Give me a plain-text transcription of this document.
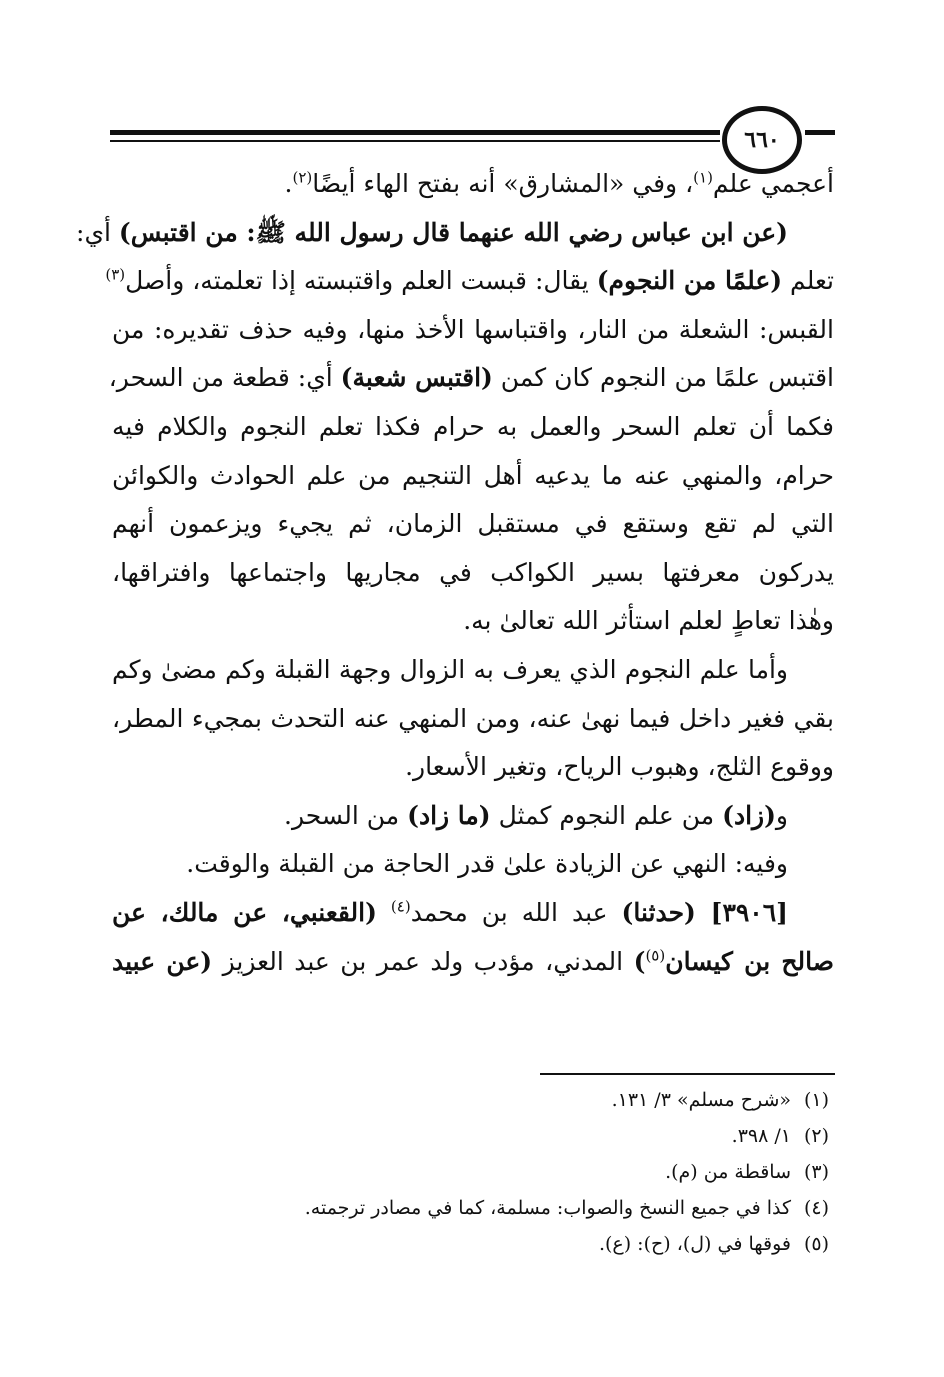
٦٦٠
أعجمي علم$^{(١)}$، وفي «المشارق» أنه بفتح الهاء أيضًا$^{(٢)}$.
(عن ابن عباس رضي الله عنهما قال رسول الله ﷺ: من اقتبس) أي:
تعلم (علمًا من النجوم) يقال: قبست العلم واقتبسته إذا تعلمته، وأصل$^{(٣)}$
القبس: الشعلة من النار، واقتباسها الأخذ منها، وفيه حذف تقديره: من
اقتبس علمًا من النجوم كان كمن (اقتبس شعبة) أي: قطعة من السحر،
فكما أن تعلم السحر والعمل به حرام فكذا تعلم النجوم والكلام فيه
حرام، والمنهي عنه ما يدعيه أهل التنجيم من علم الحوادث والكوائن
التي لم تقع وستقع في مستقبل الزمان، ثم يجيء ويزعمون أنهم
يدركون معرفتها بسير الكواكب في مجاريها واجتماعها وافتراقها،
وهٰذا تعاطٍ لعلم استأثر الله تعالىٰ به.
وأما علم النجوم الذي يعرف به الزوال وجهة القبلة وكم مضىٰ وكم
بقي فغير داخل فيما نهىٰ عنه، ومن المنهي عنه التحدث بمجيء المطر،
ووقوع الثلج، وهبوب الرياح، وتغير الأسعار.
و(زاد) من علم النجوم كمثل (ما زاد) من السحر.
وفيه: النهي عن الزيادة علىٰ قدر الحاجة من القبلة والوقت.
[٣٩٠٦] (حدثنا) عبد الله بن محمد$^{(٤)}$ (القعنبي، عن مالك، عن
صالح بن كيسان$^{(٥)}$) المدني، مؤدب ولد عمر بن عبد العزيز (عن عبيد
(١)«شرح مسلم» ٣/ ١٣١.
(٢)١/ ٣٩٨.
(٣)ساقطة من (م).
(٤)كذا في جميع النسخ والصواب: مسلمة، كما في مصادر ترجمته.
(٥)فوقها في (ل)، (ح): (ع).
